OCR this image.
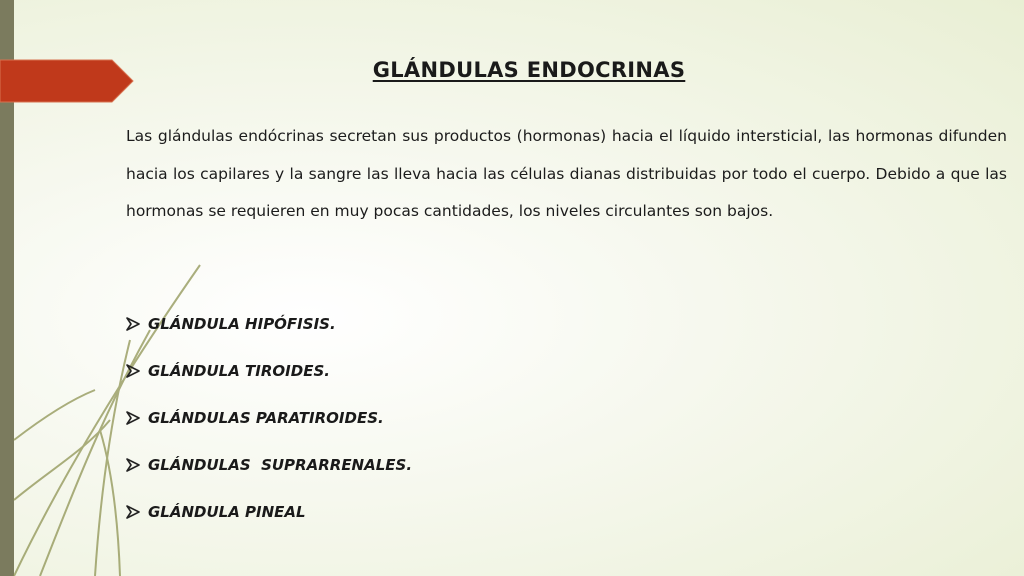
GLÁNDULAS ENDOCRINAS
Las glándulas endócrinas secretan sus productos (hormonas) hacia el líquido intersticial, las hormonas difunden hacia los capilares y la sangre las lleva hacia las células dianas distribuidas por todo el cuerpo. Debido a que las hormonas se requieren en muy pocas cantidades, los niveles circulantes son bajos.
GLÁNDULA HIPÓFISIS.
GLÁNDULA TIROIDES.
GLÁNDULAS PARATIROIDES.
GLÁNDULAS  SUPRARRENALES.
GLÁNDULA PINEAL
